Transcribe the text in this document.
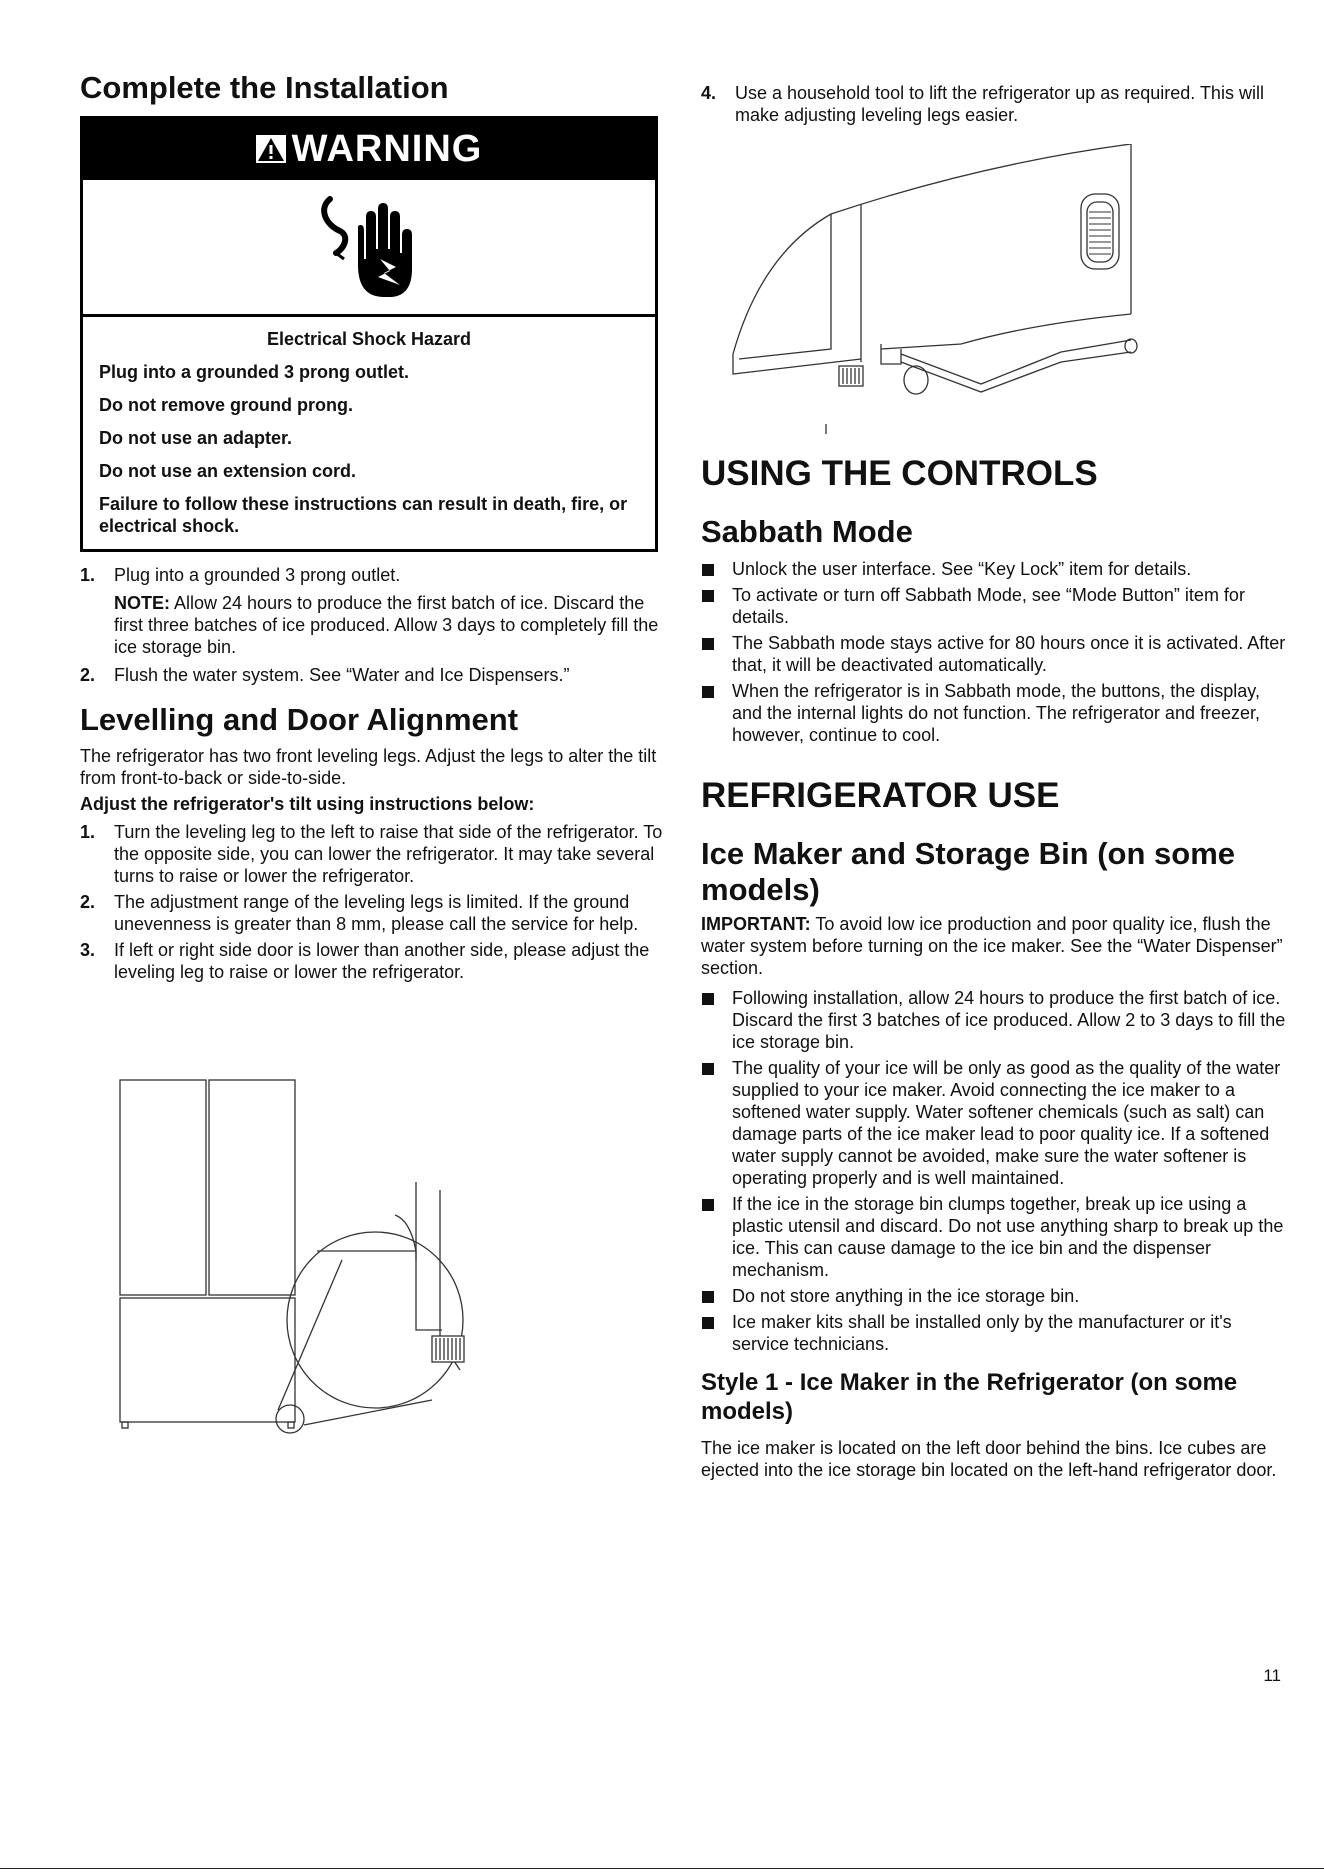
Complete the Installation
WARNING
Electrical Shock Hazard
Plug into a grounded 3 prong outlet.
Do not remove ground prong.
Do not use an adapter.
Do not use an extension cord.
Failure to follow these instructions can result in death, fire, or electrical shock.
1. Plug into a grounded 3 prong outlet.
NOTE: Allow 24 hours to produce the first batch of ice. Discard the first three batches of ice produced. Allow 3 days to completely fill the ice storage bin.
2. Flush the water system. See “Water and Ice Dispensers.”
Levelling and Door Alignment

The refrigerator has two front leveling legs. Adjust the legs to alter the tilt from front-to-back or side-to-side.

Adjust the refrigerator's tilt using instructions below:

1. Turn the leveling leg to the left to raise that side of the refrigerator. To the opposite side, you can lower the refrigerator. It may take several turns to raise or lower the refrigerator.
2. The adjustment range of the leveling legs is limited. If the ground unevenness is greater than 8 mm, please call the service for help.
3. If left or right side door is lower than another side, please adjust the leveling leg to raise or lower the refrigerator.
4. Use a household tool to lift the refrigerator up as required. This will make adjusting leveling legs easier.
USING THE CONTROLS
Sabbath Mode
Unlock the user interface. See “Key Lock” item for details.
To activate or turn off Sabbath Mode, see “Mode Button” item for details.
The Sabbath mode stays active for 80 hours once it is activated. After that, it will be deactivated automatically.
When the refrigerator is in Sabbath mode, the buttons, the display, and the internal lights do not function. The refrigerator and freezer, however, continue to cool.
REFRIGERATOR USE
Ice Maker and Storage Bin (on some models)

IMPORTANT: To avoid low ice production and poor quality ice, flush the water system before turning on the ice maker. See the “Water Dispenser” section.

Following installation, allow 24 hours to produce the first batch of ice. Discard the first 3 batches of ice produced. Allow 2 to 3 days to fill the ice storage bin.
The quality of your ice will be only as good as the quality of the water supplied to your ice maker. Avoid connecting the ice maker to a softened water supply. Water softener chemicals (such as salt) can damage parts of the ice maker lead to poor quality ice. If a softened water supply cannot be avoided, make sure the water softener is operating properly and is well maintained.
If the ice in the storage bin clumps together, break up ice using a plastic utensil and discard. Do not use anything sharp to break up the ice. This can cause damage to the ice bin and the dispenser mechanism.
Do not store anything in the ice storage bin.
Ice maker kits shall be installed only by the manufacturer or it's service technicians.
Style 1 - Ice Maker in the Refrigerator (on some models)

The ice maker is located on the left door behind the bins. Ice cubes are ejected into the ice storage bin located on the left-hand refrigerator door.

11
